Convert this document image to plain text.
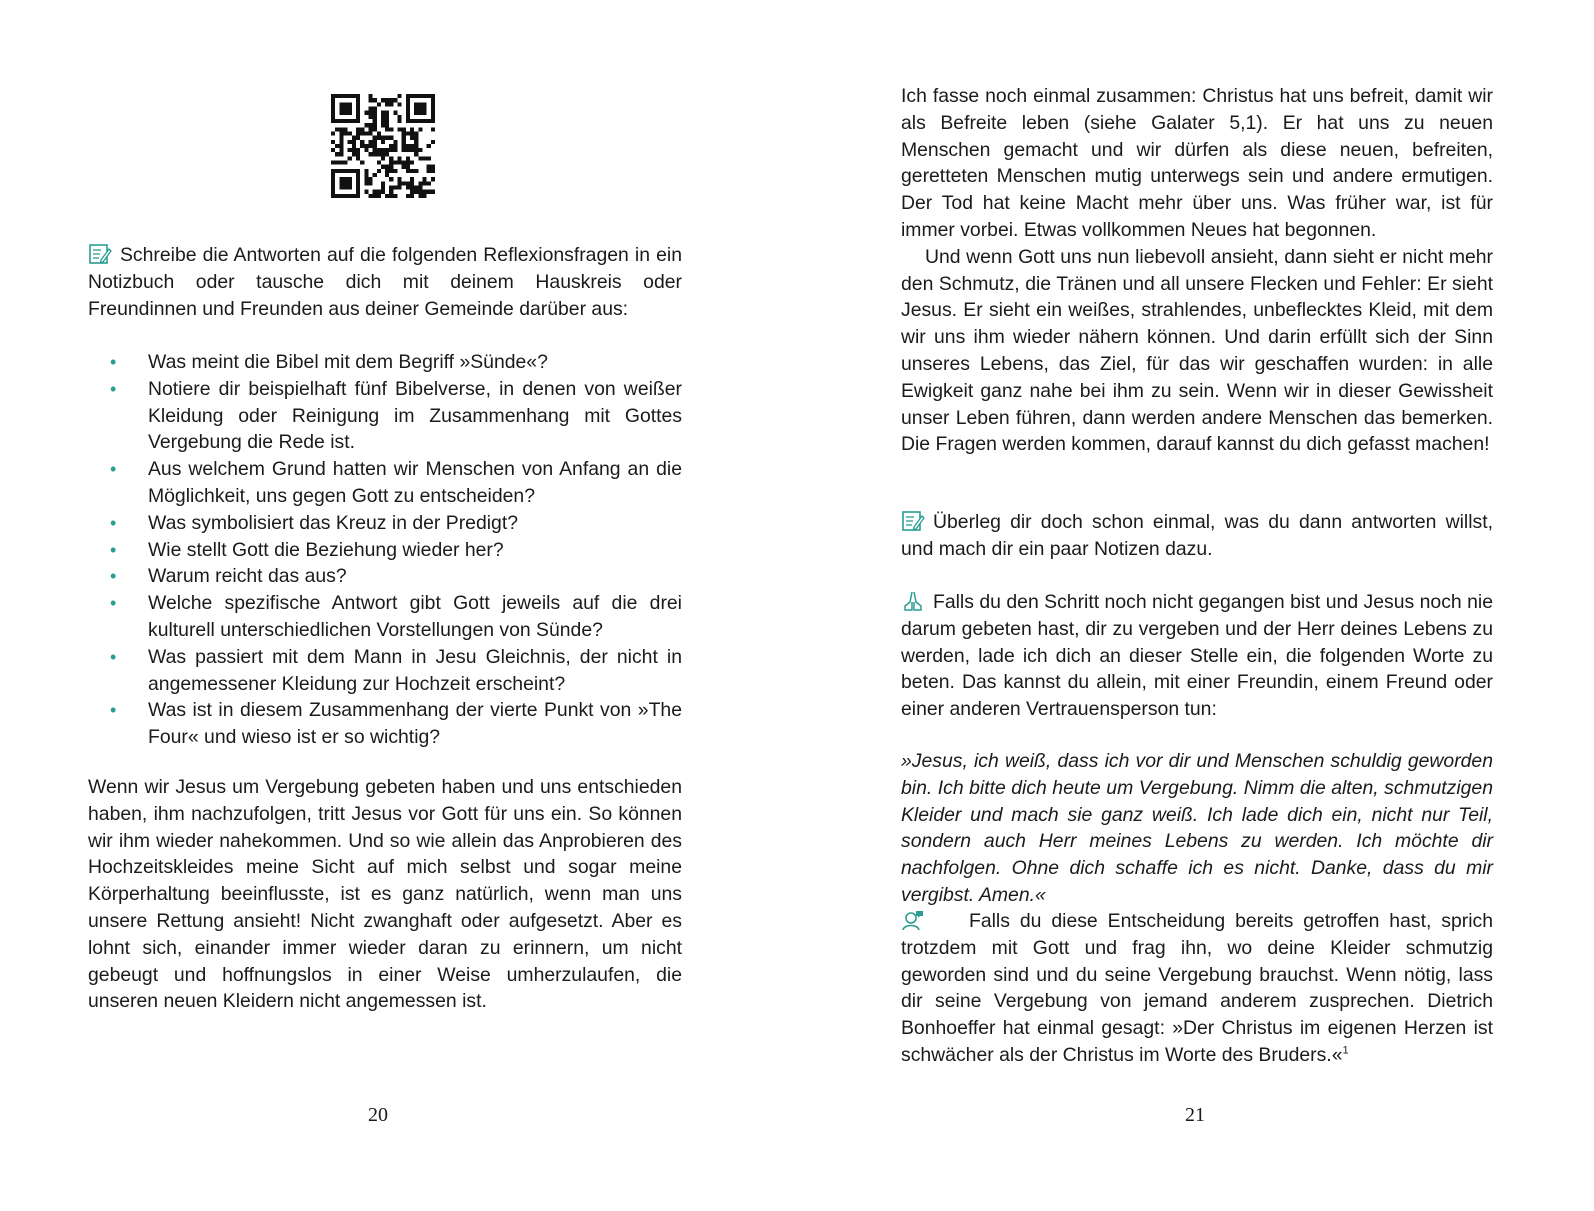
Schreibe die Antworten auf die folgenden Reflexionsfragen in ein Notizbuch oder tausche dich mit deinem Hauskreis oder Freundinnen und Freunden aus deiner Gemeinde darüber aus:

• Was meint die Bibel mit dem Begriff »Sünde«?
• Notiere dir beispielhaft fünf Bibelverse, in denen von weißer Kleidung oder Reinigung im Zusammenhang mit Gottes Vergebung die Rede ist.
• Aus welchem Grund hatten wir Menschen von Anfang an die Möglichkeit, uns gegen Gott zu entscheiden?
• Was symbolisiert das Kreuz in der Predigt?
• Wie stellt Gott die Beziehung wieder her?
• Warum reicht das aus?
• Welche spezifische Antwort gibt Gott jeweils auf die drei kulturell unterschiedlichen Vorstellungen von Sünde?
• Was passiert mit dem Mann in Jesu Gleichnis, der nicht in angemessener Kleidung zur Hochzeit erscheint?
• Was ist in diesem Zusammenhang der vierte Punkt von »The Four« und wieso ist er so wichtig?

Wenn wir Jesus um Vergebung gebeten haben und uns entschieden haben, ihm nachzufolgen, tritt Jesus vor Gott für uns ein. So können wir ihm wieder nahekommen. Und so wie allein das Anprobieren des Hochzeitskleides meine Sicht auf mich selbst und sogar meine Körperhaltung beeinflusste, ist es ganz natürlich, wenn man uns unsere Rettung ansieht! Nicht zwanghaft oder aufgesetzt. Aber es lohnt sich, einander immer wieder daran zu erinnern, um nicht gebeugt und hoffnungslos in einer Weise umherzulaufen, die unseren neuen Kleidern nicht angemessen ist.

20

Ich fasse noch einmal zusammen: Christus hat uns befreit, damit wir als Befreite leben (siehe Galater 5,1). Er hat uns zu neuen Menschen gemacht und wir dürfen als diese neuen, befreiten, geretteten Menschen mutig unterwegs sein und andere ermutigen. Der Tod hat keine Macht mehr über uns. Was früher war, ist für immer vorbei. Etwas vollkommen Neues hat begonnen.

Und wenn Gott uns nun liebevoll ansieht, dann sieht er nicht mehr den Schmutz, die Tränen und all unsere Flecken und Fehler: Er sieht Jesus. Er sieht ein weißes, strahlendes, unbeflecktes Kleid, mit dem wir uns ihm wieder nähern können. Und darin erfüllt sich der Sinn unseres Lebens, das Ziel, für das wir geschaffen wurden: in alle Ewigkeit ganz nahe bei ihm zu sein. Wenn wir in dieser Gewissheit unser Leben führen, dann werden andere Menschen das bemerken. Die Fragen werden kommen, darauf kannst du dich gefasst machen!

Überleg dir doch schon einmal, was du dann antworten willst, und mach dir ein paar Notizen dazu.

Falls du den Schritt noch nicht gegangen bist und Jesus noch nie darum gebeten hast, dir zu vergeben und der Herr deines Lebens zu werden, lade ich dich an dieser Stelle ein, die folgenden Worte zu beten. Das kannst du allein, mit einer Freundin, einem Freund oder einer anderen Vertrauensperson tun:

»Jesus, ich weiß, dass ich vor dir und Menschen schuldig geworden bin. Ich bitte dich heute um Vergebung. Nimm die alten, schmutzigen Kleider und mach sie ganz weiß. Ich lade dich ein, nicht nur Teil, sondern auch Herr meines Lebens zu werden. Ich möchte dir nachfolgen. Ohne dich schaffe ich es nicht. Danke, dass du mir vergibst. Amen.«

Falls du diese Entscheidung bereits getroffen hast, sprich trotzdem mit Gott und frag ihn, wo deine Kleider schmutzig geworden sind und du seine Vergebung brauchst. Wenn nötig, lass dir seine Vergebung von jemand anderem zusprechen. Dietrich Bonhoeffer hat einmal gesagt: »Der Christus im eigenen Herzen ist schwächer als der Christus im Worte des Bruders.«$^1$

21
